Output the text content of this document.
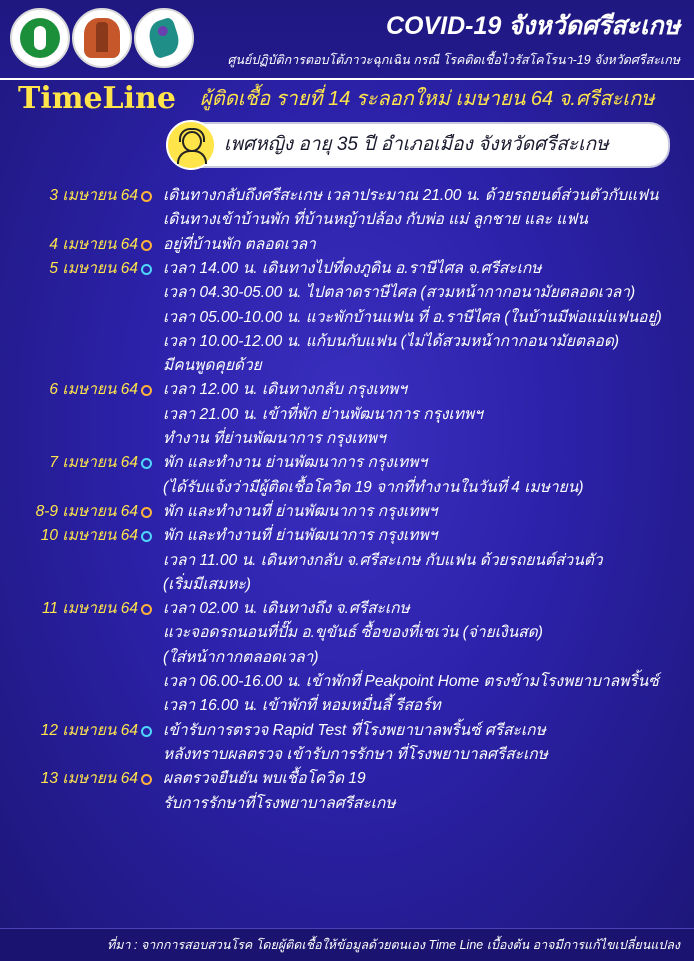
COVID-19 จังหวัดศรีสะเกษ
ศูนย์ปฏิบัติการตอบโต้ภาวะฉุกเฉิน กรณี โรคติดเชื้อไวรัสโคโรนา-19 จังหวัดศรีสะเกษ
TimeLine ผู้ติดเชื้อ รายที่ 14 ระลอกใหม่ เมษายน 64 จ.ศรีสะเกษ
เพศหญิง อายุ 35 ปี อำเภอเมือง จังหวัดศรีสะเกษ
3 เมษายน 64 เดินทางกลับถึงศรีสะเกษ เวลาประมาณ 21.00 น. ด้วยรถยนต์ส่วนตัวกับแฟน
เดินทางเข้าบ้านพัก ที่บ้านหญ้าปล้อง กับพ่อ แม่ ลูกชาย และ แฟน
4 เมษายน 64 อยู่ที่บ้านพัก ตลอดเวลา
5 เมษายน 64 เวลา 14.00 น. เดินทางไปที่ดงภูดิน อ.ราษีไศล จ.ศรีสะเกษ
เวลา 04.30-05.00 น. ไปตลาดราษีไศล (สวมหน้ากากอนามัยตลอดเวลา)
เวลา 05.00-10.00 น. แวะพักบ้านแฟน ที่ อ.ราษีไศล (ในบ้านมีพ่อแม่แฟนอยู่)
เวลา 10.00-12.00 น. แก้บนกับแฟน (ไม่ได้สวมหน้ากากอนามัยตลอด)
มีคนพูดคุยด้วย
6 เมษายน 64 เวลา 12.00 น. เดินทางกลับ กรุงเทพฯ
เวลา 21.00 น. เข้าที่พัก ย่านพัฒนาการ กรุงเทพฯ
ทำงาน ที่ย่านพัฒนาการ กรุงเทพฯ
7 เมษายน 64 พัก และทำงาน ย่านพัฒนาการ กรุงเทพฯ
(ได้รับแจ้งว่ามีผู้ติดเชื้อโควิด 19 จากที่ทำงานในวันที่ 4 เมษายน)
8-9 เมษายน 64 พัก และทำงานที่ ย่านพัฒนาการ กรุงเทพฯ
10 เมษายน 64 พัก และทำงานที่ ย่านพัฒนาการ กรุงเทพฯ
เวลา 11.00 น. เดินทางกลับ จ.ศรีสะเกษ กับแฟน ด้วยรถยนต์ส่วนตัว
(เริ่มมีเสมหะ)
11 เมษายน 64 เวลา 02.00 น. เดินทางถึง จ.ศรีสะเกษ
แวะจอดรถนอนที่ปั๊ม อ.ขุขันธ์ ซื้อของที่เซเว่น (จ่ายเงินสด)
(ใส่หน้ากากตลอดเวลา)
เวลา 06.00-16.00 น. เข้าพักที่ Peakpoint Home ตรงข้ามโรงพยาบาลพริ้นซ์
เวลา 16.00 น. เข้าพักที่ หอมหมื่นลี้ รีสอร์ท
12 เมษายน 64 เข้ารับการตรวจ Rapid Test ที่โรงพยาบาลพริ้นซ์ ศรีสะเกษ
หลังทราบผลตรวจ เข้ารับการรักษา ที่โรงพยาบาลศรีสะเกษ
13 เมษายน 64 ผลตรวจยืนยัน พบเชื้อโควิด 19
รับการรักษาที่โรงพยาบาลศรีสะเกษ
ที่มา : จากการสอบสวนโรค โดยผู้ติดเชื้อให้ข้อมูลด้วยตนเอง Time Line เบื้องต้น อาจมีการแก้ไขเปลี่ยนแปลง
